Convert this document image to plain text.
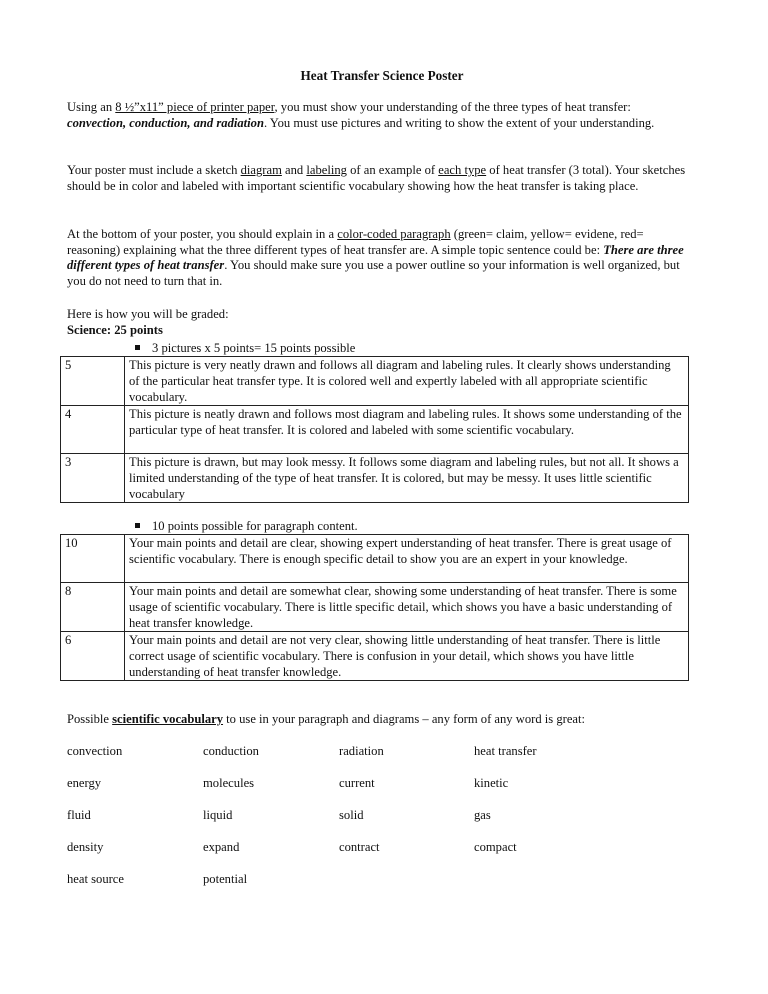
Heat Transfer Science Poster

Using an 8 ½”x11” piece of printer paper, you must show your understanding of the three types of heat transfer: convection, conduction, and radiation. You must use pictures and writing to show the extent of your understanding.

Your poster must include a sketch diagram and labeling of an example of each type of heat transfer (3 total). Your sketches should be in color and labeled with important scientific vocabulary showing how the heat transfer is taking place.

At the bottom of your poster, you should explain in a color-coded paragraph (green= claim, yellow= evidene, red= reasoning) explaining what the three different types of heat transfer are. A simple topic sentence could be: There are three different types of heat transfer. You should make sure you use a power outline so your information is well organized, but you do not need to turn that in.

Here is how you will be graded:

Science: 25 points

3 pictures x 5 points= 15 points possible
5	This picture is very neatly drawn and follows all diagram and labeling rules. It clearly shows understanding of the particular heat transfer type. It is colored well and expertly labeled with all appropriate scientific vocabulary.
4	This picture is neatly drawn and follows most diagram and labeling rules. It shows some understanding of the particular type of heat transfer. It is colored and labeled with some scientific vocabulary.
3	This picture is drawn, but may look messy. It follows some diagram and labeling rules, but not all. It shows a limited understanding of the type of heat transfer. It is colored, but may be messy. It uses little scientific vocabulary
10 points possible for paragraph content.
10	Your main points and detail are clear, showing expert understanding of heat transfer. There is great usage of scientific vocabulary. There is enough specific detail to show you are an expert in your knowledge.
8	Your main points and detail are somewhat clear, showing some understanding of heat transfer. There is some usage of scientific vocabulary. There is little specific detail, which shows you have a basic understanding of heat transfer knowledge.
6	Your main points and detail are not very clear, showing little understanding of heat transfer. There is little correct usage of scientific vocabulary. There is confusion in your detail, which shows you have little understanding of heat transfer knowledge.

Possible scientific vocabulary to use in your paragraph and diagrams – any form of any word is great:

convection	conduction	radiation	heat transfer
energy	molecules	current	kinetic
fluid	liquid	solid	gas
density	expand	contract	compact
heat source	potential
